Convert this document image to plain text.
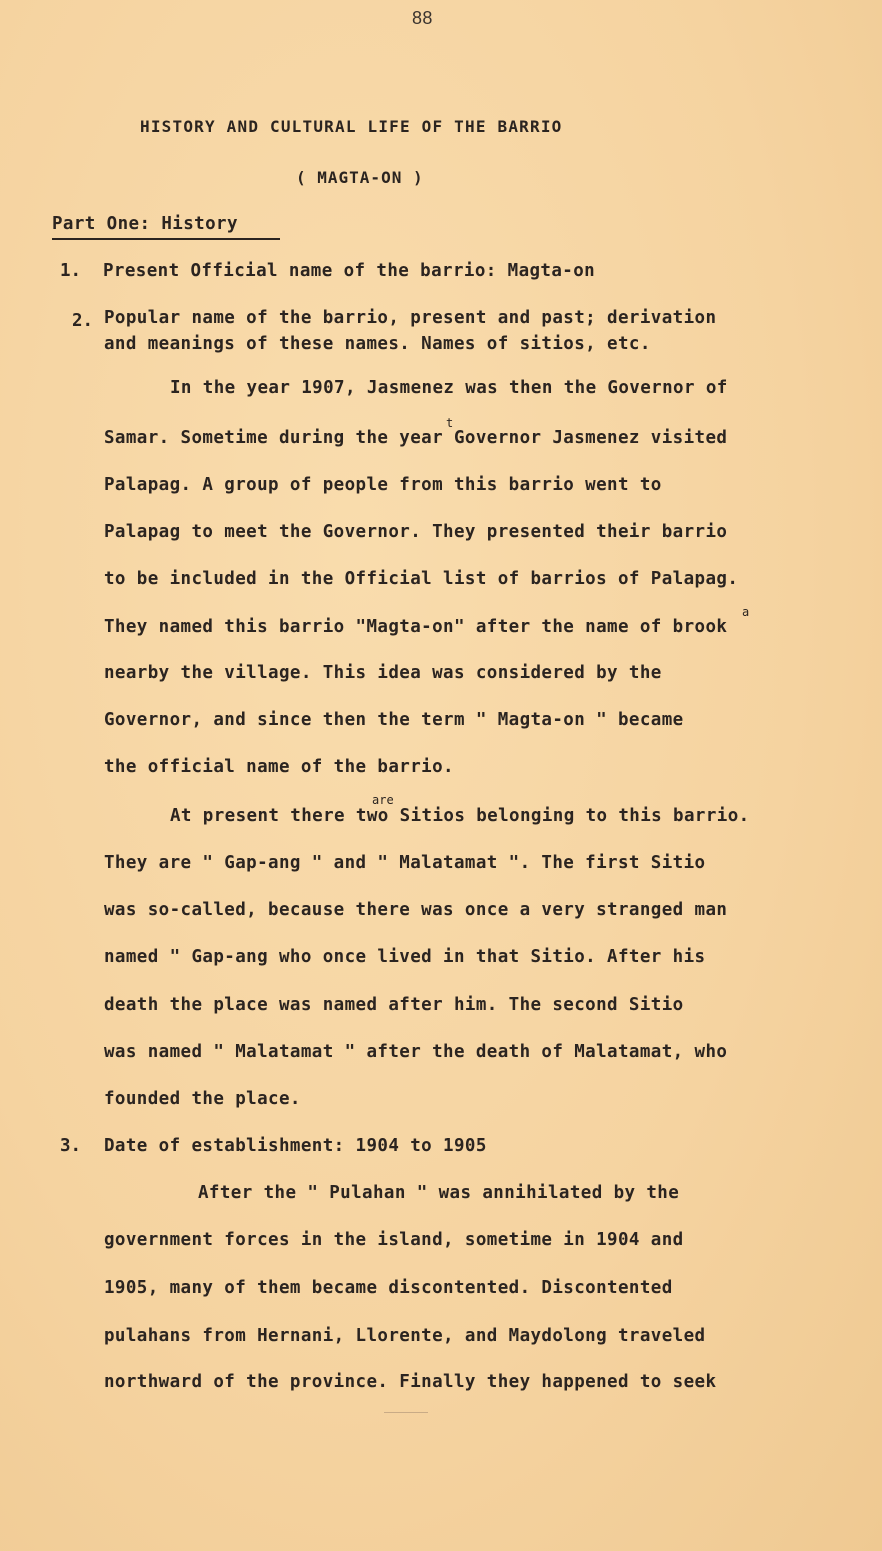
88
HISTORY AND CULTURAL LIFE OF THE BARRIO
( MAGTA-ON )
Part One: History
1. Present Official name of the barrio: Magta-on
2. Popular name of the barrio, present and past; derivation
and meanings of these names. Names of sitios, etc.
In the year 1907, Jasmenez was then the Governor of
Samar. Sometime during the year Governor Jasmenez visited
t
Palapag. A group of people from this barrio went to
Palapag to meet the Governor. They presented their barrio
to be included in the Official list of barrios of Palapag.
They named this barrio "Magta-on" after the name of brook
a
nearby the village. This idea was considered by the
Governor, and since then the term " Magta-on " became
the official name of the barrio.
are
At present there two Sitios belonging to this barrio.
They are " Gap-ang " and " Malatamat ". The first Sitio
was so-called, because there was once a very stranged man
named " Gap-ang who once lived in that Sitio. After his
death the place was named after him. The second Sitio
was named " Malatamat " after the death of Malatamat, who
founded the place.
3. Date of establishment: 1904 to 1905
After the " Pulahan " was annihilated by the
government forces in the island, sometime in 1904 and
1905, many of them became discontented. Discontented
pulahans from Hernani, Llorente, and Maydolong traveled
northward of the province. Finally they happened to seek
